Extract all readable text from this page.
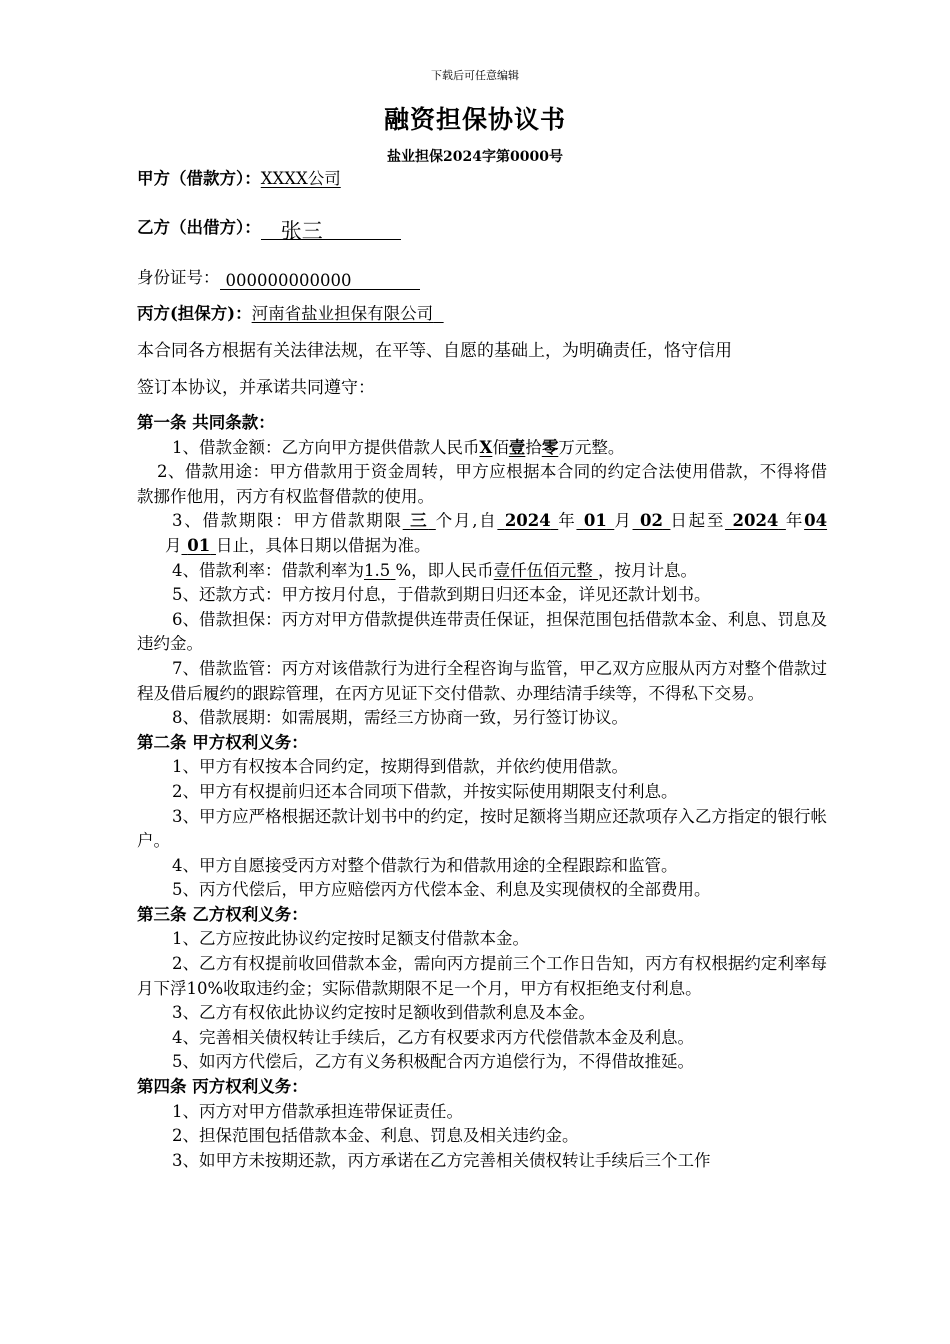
下载后可任意编辑
融资担保协议书
盐业担保2024字第0000号
甲方（借款方）：XXXX公司
乙方（出借方）： 张三
身份证号： 000000000000
丙方(担保方)：河南省盐业担保有限公司
本合同各方根据有关法律法规，在平等、自愿的基础上，为明确责任，恪守信用
签订本协议，并承诺共同遵守：

第一条 共同条款：

1、借款金额：乙方向甲方提供借款人民币X佰壹拾零万元整。

2、借款用途：甲方借款用于资金周转，甲方应根据本合同的约定合法使用借款，不得将借款挪作他用，丙方有权监督借款的使用。

3、借款期限：甲方借款期限 三 个月,自 2024 年 01 月 02 日起至 2024 年04月 01 日止，具体日期以借据为准。

4、借款利率：借款利率为1.5 %，即人民币壹仟伍佰元整 ，按月计息。

5、还款方式：甲方按月付息，于借款到期日归还本金，详见还款计划书。

6、借款担保：丙方对甲方借款提供连带责任保证，担保范围包括借款本金、利息、罚息及违约金。

7、借款监管：丙方对该借款行为进行全程咨询与监管，甲乙双方应服从丙方对整个借款过程及借后履约的跟踪管理，在丙方见证下交付借款、办理结清手续等，不得私下交易。

8、借款展期：如需展期，需经三方协商一致，另行签订协议。

第二条 甲方权利义务：

1、甲方有权按本合同约定，按期得到借款，并依约使用借款。

2、甲方有权提前归还本合同项下借款，并按实际使用期限支付利息。

3、甲方应严格根据还款计划书中的约定，按时足额将当期应还款项存入乙方指定的银行帐户。

4、甲方自愿接受丙方对整个借款行为和借款用途的全程跟踪和监管。

5、丙方代偿后，甲方应赔偿丙方代偿本金、利息及实现债权的全部费用。

第三条 乙方权利义务：

1、乙方应按此协议约定按时足额支付借款本金。

2、乙方有权提前收回借款本金，需向丙方提前三个工作日告知，丙方有权根据约定利率每月下浮10%收取违约金；实际借款期限不足一个月，甲方有权拒绝支付利息。

3、乙方有权依此协议约定按时足额收到借款利息及本金。

4、完善相关债权转让手续后，乙方有权要求丙方代偿借款本金及利息。

5、如丙方代偿后，乙方有义务积极配合丙方追偿行为，不得借故推延。

第四条 丙方权利义务：

1、丙方对甲方借款承担连带保证责任。

2、担保范围包括借款本金、利息、罚息及相关违约金。

3、如甲方未按期还款，丙方承诺在乙方完善相关债权转让手续后三个工作
